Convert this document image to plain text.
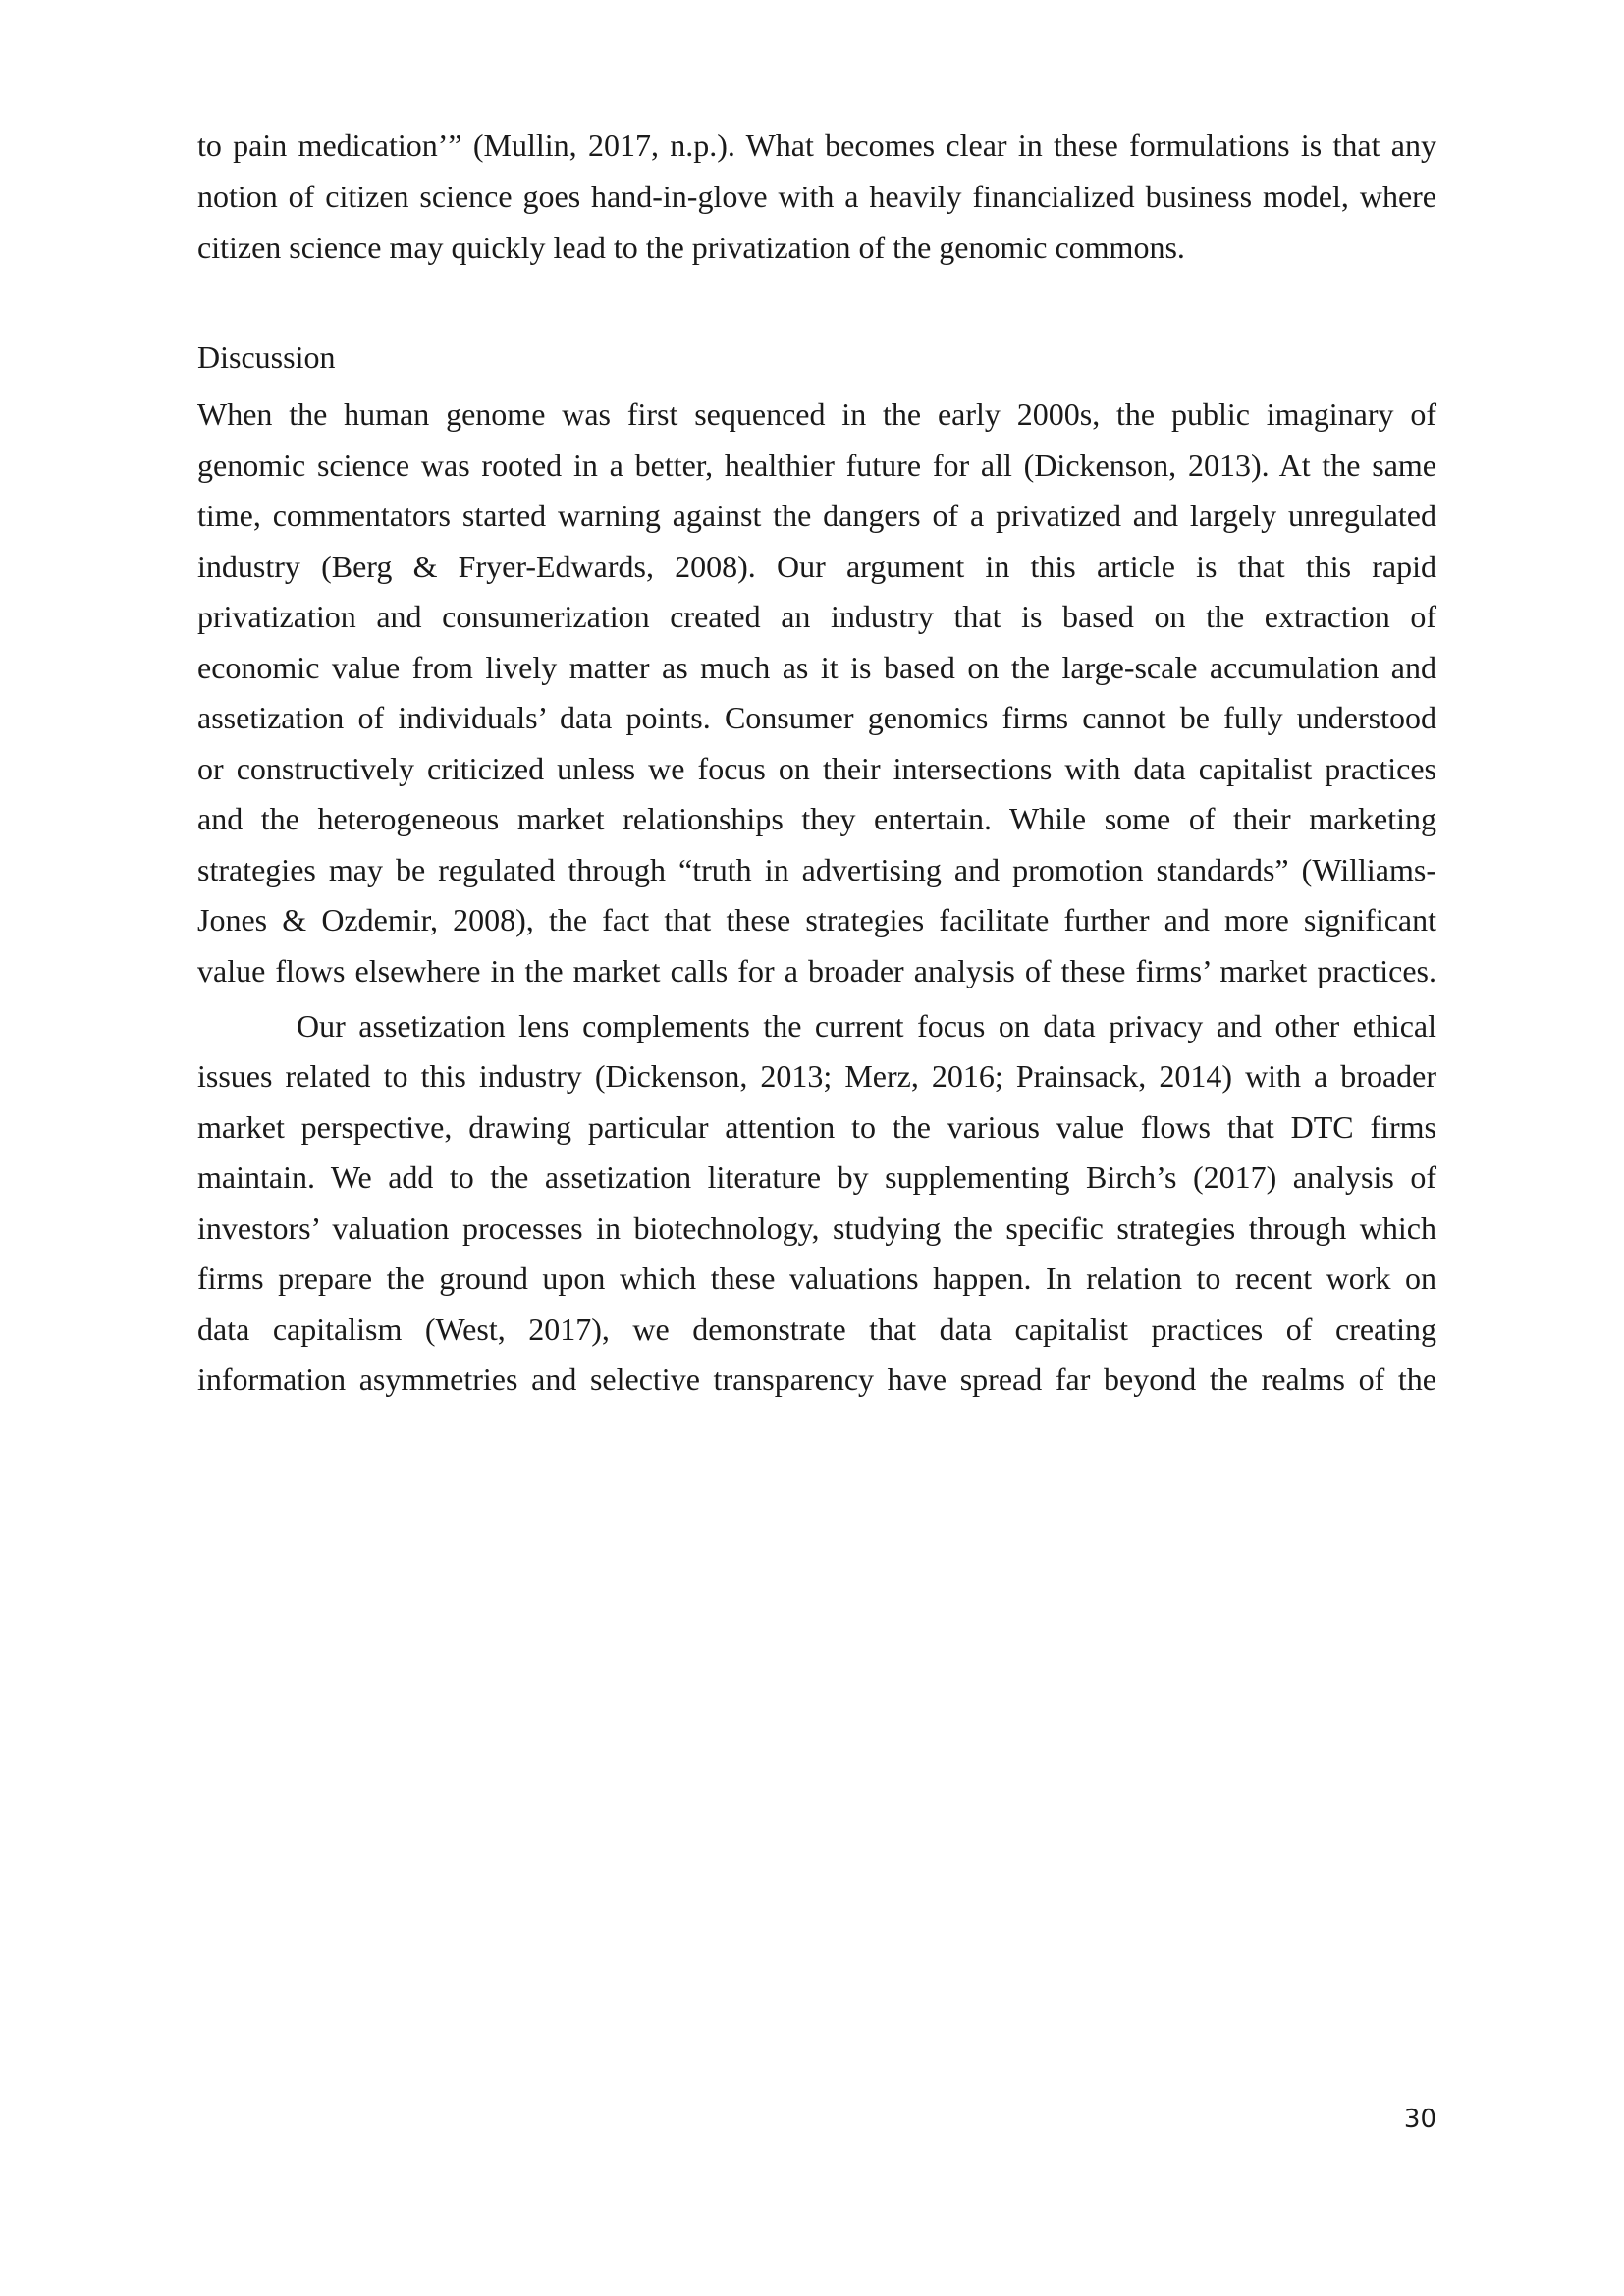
to pain medication’” (Mullin, 2017, n.p.). What becomes clear in these formulations is that any

notion of citizen science goes hand-in-glove with a heavily financialized business model, where

citizen science may quickly lead to the privatization of the genomic commons.

Discussion

When the human genome was first sequenced in the early 2000s, the public imaginary of

genomic science was rooted in a better, healthier future for all (Dickenson, 2013). At the same

time, commentators started warning against the dangers of a privatized and largely unregulated

industry (Berg & Fryer-Edwards, 2008). Our argument in this article is that this rapid

privatization and consumerization created an industry that is based on the extraction of

economic value from lively matter as much as it is based on the large-scale accumulation and

assetization of individuals’ data points. Consumer genomics firms cannot be fully understood

or constructively criticized unless we focus on their intersections with data capitalist practices

and the heterogeneous market relationships they entertain. While some of their marketing

strategies may be regulated through “truth in advertising and promotion standards” (Williams-

Jones & Ozdemir, 2008), the fact that these strategies facilitate further and more significant

value flows elsewhere in the market calls for a broader analysis of these firms’ market practices.

Our assetization lens complements the current focus on data privacy and other ethical

issues related to this industry (Dickenson, 2013; Merz, 2016; Prainsack, 2014) with a broader

market perspective, drawing particular attention to the various value flows that DTC firms

maintain. We add to the assetization literature by supplementing Birch’s (2017) analysis of

investors’ valuation processes in biotechnology, studying the specific strategies through which

firms prepare the ground upon which these valuations happen. In relation to recent work on

data capitalism (West, 2017), we demonstrate that data capitalist practices of creating

information asymmetries and selective transparency have spread far beyond the realms of the

30
